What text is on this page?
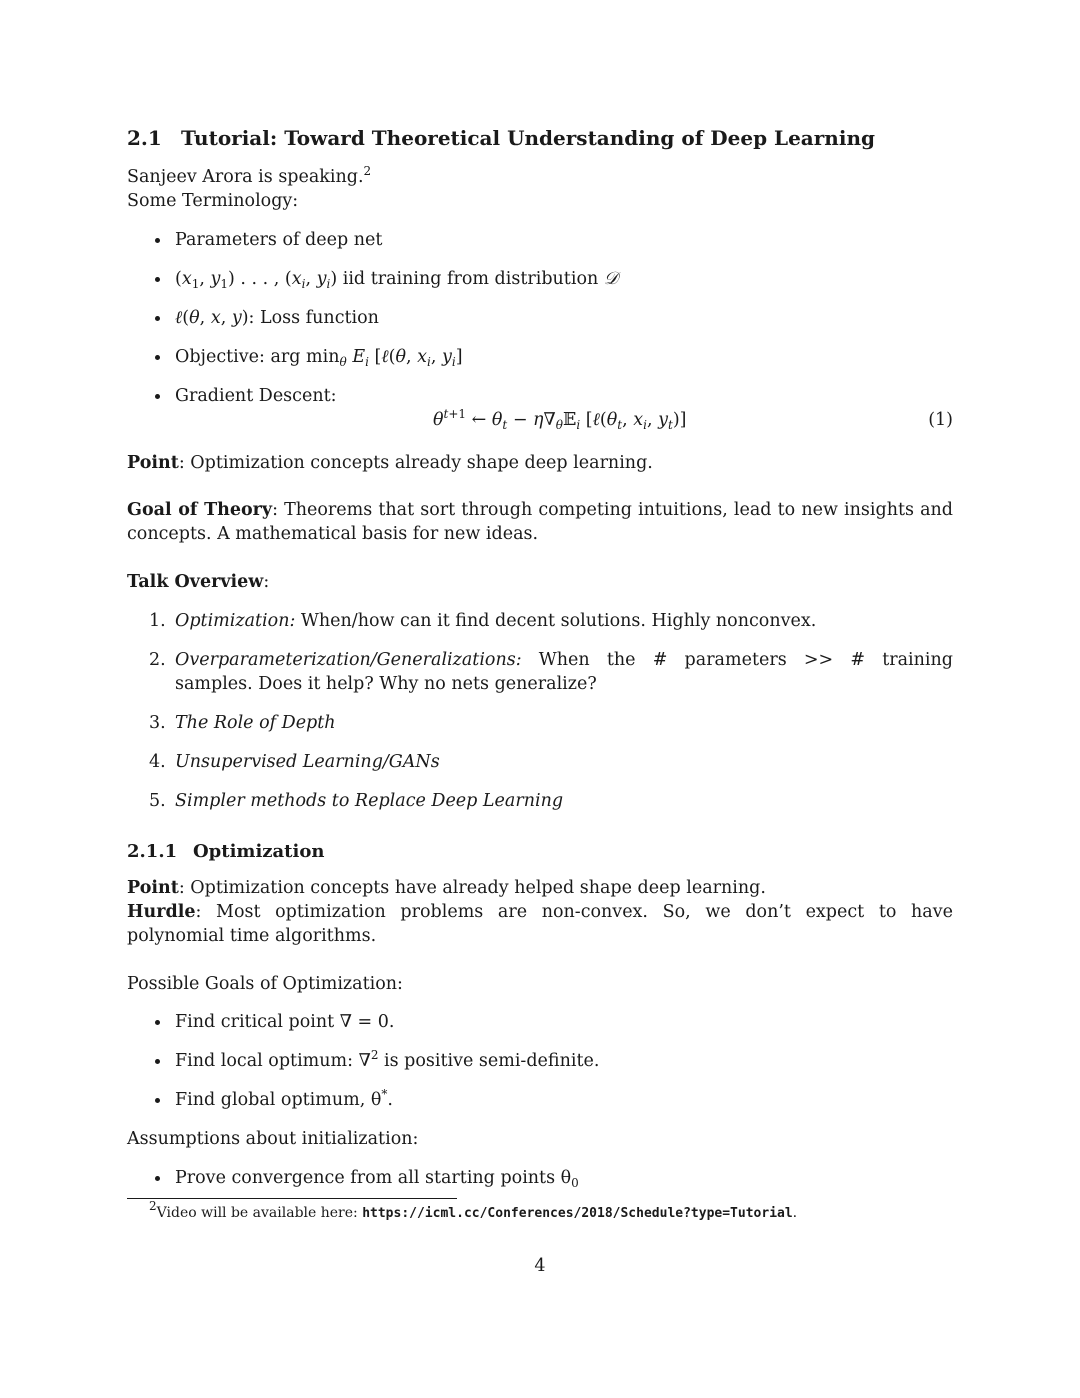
2.1 Tutorial: Toward Theoretical Understanding of Deep Learning
Sanjeev Arora is speaking.$^2$
Some Terminology:
Parameters of deep net
($x_1$, $y_1$) . . . , ($x_i$, $y_i$) iid training from distribution 𝒟
ℓ(θ, x, y): Loss function
Objective: arg $\min_\theta E_i$ [ℓ(θ, $x_i$, $y_i$]
Gradient Descent:
$\theta^{t+1}$ ← $\theta_t$ − $\eta\nabla_\theta 𝔼_i$ [$\ell(\theta_t$, $x_i$, $y_t$)]	(1)
Point: Optimization concepts already shape deep learning.
Goal of Theory: Theorems that sort through competing intuitions, lead to new insights and concepts. A mathematical basis for new ideas.
Talk Overview:
1. Optimization: When/how can it find decent solutions. Highly nonconvex.
2. Overparameterization/Generalizations: When the # parameters >> # training samples. Does it help? Why no nets generalize?
3. The Role of Depth
4. Unsupervised Learning/GANs
5. Simpler methods to Replace Deep Learning
2.1.1 Optimization
Point: Optimization concepts have already helped shape deep learning.
Hurdle: Most optimization problems are non-convex. So, we don’t expect to have polynomial time algorithms.
Possible Goals of Optimization:
Find critical point ∇ = 0.
Find local optimum: ∇$^2$ is positive semi-definite.
Find global optimum, θ*.
Assumptions about initialization:
Prove convergence from all starting points $\theta_0$
$^2$Video will be available here: https://icml.cc/Conferences/2018/Schedule?type=Tutorial.
4
